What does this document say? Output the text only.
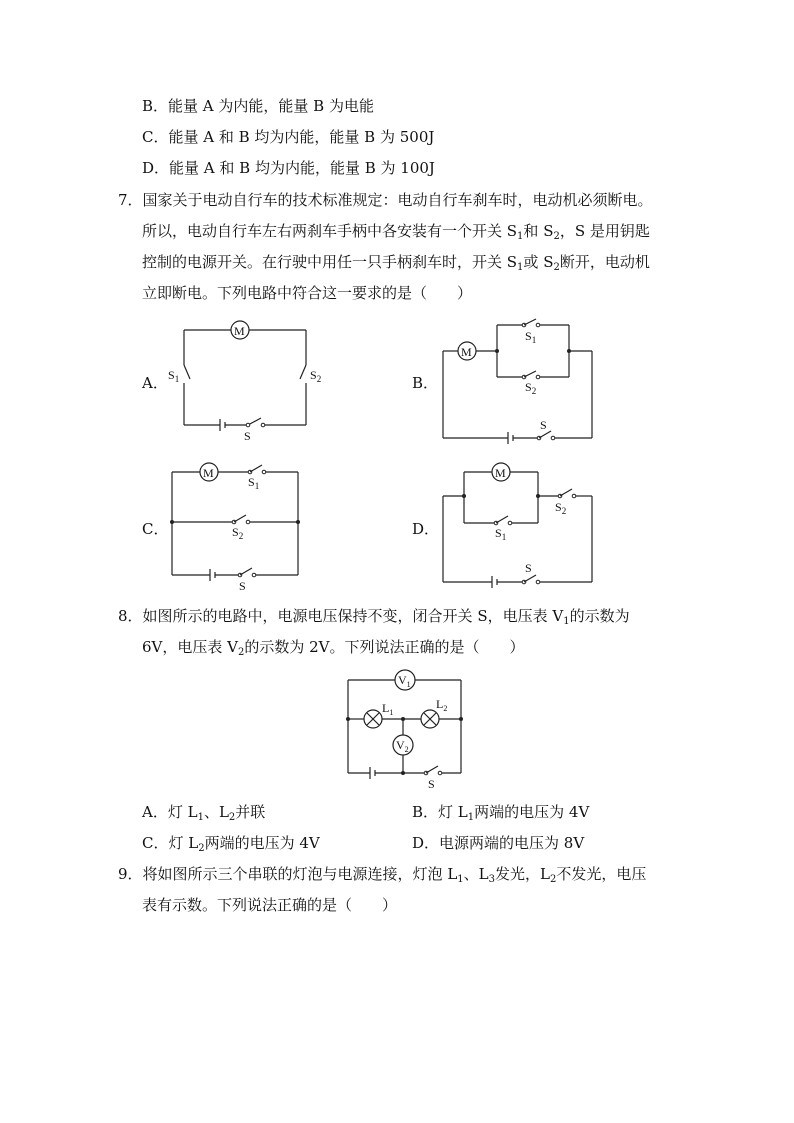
B．能量 A 为内能，能量 B 为电能
C．能量 A 和 B 均为内能，能量 B 为 500J
D．能量 A 和 B 均为内能，能量 B 为 100J
7．国家关于电动自行车的技术标准规定：电动自行车刹车时，电动机必须断电。
所以，电动自行车左右两刹车手柄中各安装有一个开关 $S_1$和 $S_2$，S 是用钥匙
控制的电源开关。在行驶中用任一只手柄刹车时，开关 $S_1$或 $S_2$断开，电动机
立即断电。下列电路中符合这一要求的是（　　）
A．	B．
C．	D．
M
$S_1$	$S_2$
S
M
$S_1$
$S_2$
S
M
$S_1$
$S_2$
S
M
$S_1$
$S_2$
S
8．如图所示的电路中，电源电压保持不变，闭合开关 S，电压表 $V_1$的示数为
6V，电压表 $V_2$的示数为 2V。下列说法正确的是（　　）
$V_1$
$L_1$
$L_2$
$V_2$
S
A．灯 $L_1$、$L_2$并联	B．灯 $L_1$两端的电压为 4V
C．灯 $L_2$两端的电压为 4V	D．电源两端的电压为 8V
9．将如图所示三个串联的灯泡与电源连接，灯泡 $L_1$、$L_3$发光，$L_2$不发光，电压
表有示数。下列说法正确的是（　　）
